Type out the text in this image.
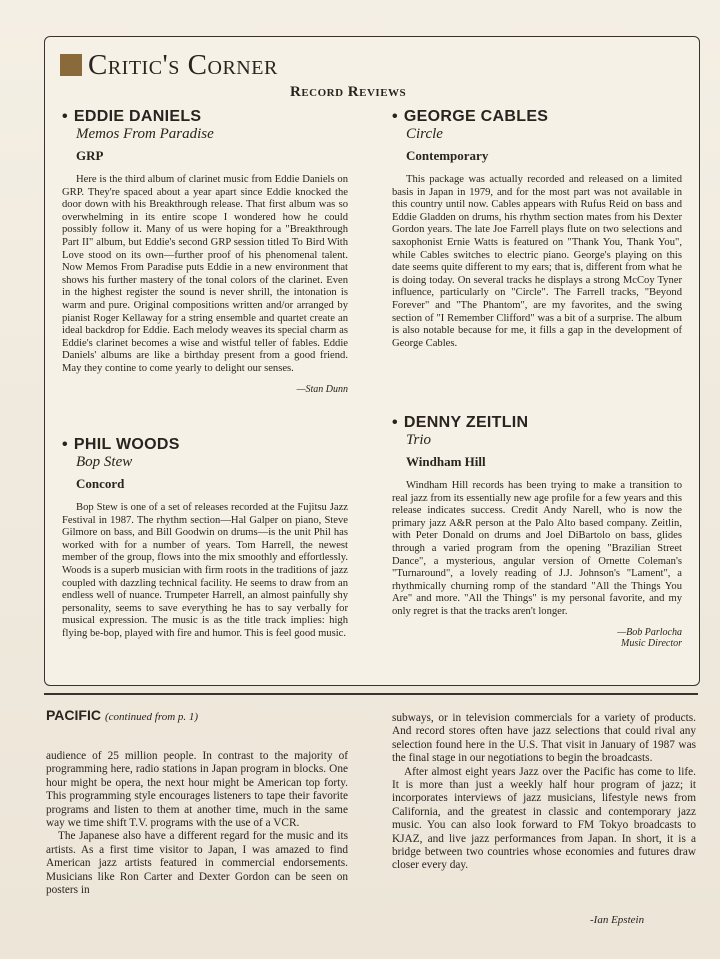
Critic's Corner
Record Reviews

• EDDIE DANIELS

Memos From Paradise

GRP

Here is the third album of clarinet music from Eddie Daniels on GRP. They're spaced about a year apart since Eddie knocked the door down with his Breakthrough release. That first album was so overwhelming in its entire scope I wondered how he could possibly follow it. Many of us were hoping for a "Breakthrough Part II" album, but Eddie's second GRP session titled To Bird With Love stood on its own—further proof of his phenomenal talent. Now Memos From Paradise puts Eddie in a new environment that shows his further mastery of the tonal colors of the clarinet. Even in the highest register the sound is never shrill, the intonation is warm and pure. Original compositions written and/or arranged by pianist Roger Kellaway for a string ensemble and quartet create an ideal backdrop for Eddie. Each melody weaves its special charm as Eddie's clarinet becomes a wise and wistful teller of fables. Eddie Daniels' albums are like a birthday present from a good friend. May they contine to come yearly to delight our senses.

—Stan Dunn

• PHIL WOODS

Bop Stew

Concord

Bop Stew is one of a set of releases recorded at the Fujitsu Jazz Festival in 1987. The rhythm section—Hal Galper on piano, Steve Gilmore on bass, and Bill Goodwin on drums—is the unit Phil has worked with for a number of years. Tom Harrell, the newest member of the group, flows into the mix smoothly and effortlessly. Woods is a superb musician with firm roots in the traditions of jazz coupled with dazzling technical facility. He seems to draw from an endless well of nuance. Trumpeter Harrell, an almost painfully shy personality, seems to save everything he has to say verbally for musical expression. The music is as the title track implies: high flying be-bop, played with fire and humor. This is feel good music.

• GEORGE CABLES

Circle

Contemporary

This package was actually recorded and released on a limited basis in Japan in 1979, and for the most part was not available in this country until now. Cables appears with Rufus Reid on bass and Eddie Gladden on drums, his rhythm section mates from his Dexter Gordon years. The late Joe Farrell plays flute on two selections and saxophonist Ernie Watts is featured on "Thank You, Thank You", while Cables switches to electric piano. George's playing on this date seems quite different to my ears; that is, different from what he is doing today. On several tracks he displays a strong McCoy Tyner influence, particularly on "Circle". The Farrell tracks, "Beyond Forever" and "The Phantom", are my favorites, and the swing section of "I Remember Clifford" was a bit of a surprise. The album is also notable because for me, it fills a gap in the development of George Cables.

• DENNY ZEITLIN

Trio

Windham Hill

Windham Hill records has been trying to make a transition to real jazz from its essentially new age profile for a few years and this release indicates success. Credit Andy Narell, who is now the primary jazz A&R person at the Palo Alto based company. Zeitlin, with Peter Donald on drums and Joel DiBartolo on bass, glides through a varied program from the opening "Brazilian Street Dance", a mysterious, angular version of Ornette Coleman's "Turnaround", a lovely reading of J.J. Johnson's "Lament", a rhythmically churning romp of the standard "All the Things You Are" and more. "All the Things" is my personal favorite, and my only regret is that the tracks aren't longer.

—Bob Parlocha
Music Director
PACIFIC (continued from p. 1)

audience of 25 million people. In contrast to the majority of programming here, radio stations in Japan program in blocks. One hour might be opera, the next hour might be American top forty. This programming style encourages listeners to tape their favorite programs and listen to them at another time, much in the same way we time shift T.V. programs with the use of a VCR.

The Japanese also have a different regard for the music and its artists. As a first time visitor to Japan, I was amazed to find American jazz artists featured in commercial endorsements. Musicians like Ron Carter and Dexter Gordon can be seen on posters in

subways, or in television commercials for a variety of products. And record stores often have jazz selections that could rival any selection found here in the U.S. That visit in January of 1987 was the final stage in our negotiations to begin the broadcasts.

After almost eight years Jazz over the Pacific has come to life. It is more than just a weekly half hour program of jazz; it incorporates interviews of jazz musicians, lifestyle news from California, and the greatest in classic and contemporary jazz music. You can also look forward to FM Tokyo broadcasts to KJAZ, and live jazz performances from Japan. In short, it is a bridge between two countries whose economies and futures draw closer every day.

-Ian Epstein
